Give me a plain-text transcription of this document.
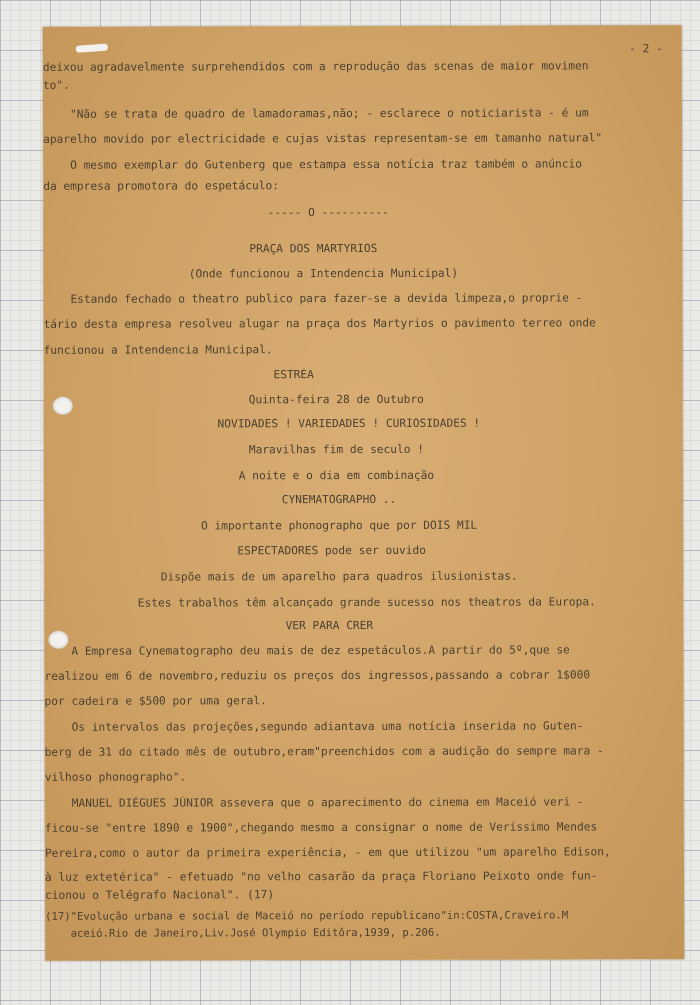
- 2 -

deixou agradavelmente surprehendidos com a reprodução das scenas de maior movimen

to".

"Não se trata de quadro de lamadoramas,não; - esclarece o noticiarista - é um

aparelho movido por electricidade e cujas vistas representam-se em tamanho natural"

O mesmo exemplar do Gutenberg que estampa essa notícia traz também o anúncio

da empresa promotora do espetáculo:

----- O ----------

PRAÇA DOS MARTYRIOS

(Onde funcionou a Intendencia Municipal)

Estando fechado o theatro publico para fazer-se a devida limpeza,o proprie -

tário desta empresa resolveu alugar na praça dos Martyrios o pavimento terreo onde

funcionou a Intendencia Municipal.

ESTRÉA

Quinta-feira 28 de Outubro

NOVIDADES ! VARIEDADES ! CURIOSIDADES !

Maravilhas fim de seculo !

A noite e o dia em combinação

CYNEMATOGRAPHO ..

O importante phonographo que por DOIS MIL

ESPECTADORES pode ser ouvido

Dispõe mais de um aparelho para quadros ilusionistas.

Estes trabalhos têm alcançado grande sucesso nos theatros da Europa.

VER PARA CRER

A Empresa Cynematographo deu mais de dez espetáculos.A partir do 5º,que se

realizou em 6 de novembro,reduziu os preços dos ingressos,passando a cobrar 1$000

por cadeira e $500 por uma geral.

Os intervalos das projeções,segundo adiantava uma notícia inserida no Guten-

berg de 31 do citado mês de outubro,eram"preenchidos com a audição do sempre mara -

vilhoso phonographo".

MANUEL DIÉGUES JÚNIOR assevera que o aparecimento do cinema em Maceió veri -

ficou-se "entre 1890 e 1900",chegando mesmo a consignar o nome de Veríssimo Mendes

Pereira,como o autor da primeira experiência, - em que utilizou "um aparelho Edison,

à luz extetérica" - efetuado "no velho casarão da praça Floriano Peixoto onde fun-

cionou o Telégrafo Nacional". (17)

(17)"Evolução urbana e social de Maceió no período republicano"in:COSTA,Craveiro.M

aceió.Rio de Janeiro,Liv.José Olympio Editôra,1939, p.206.
